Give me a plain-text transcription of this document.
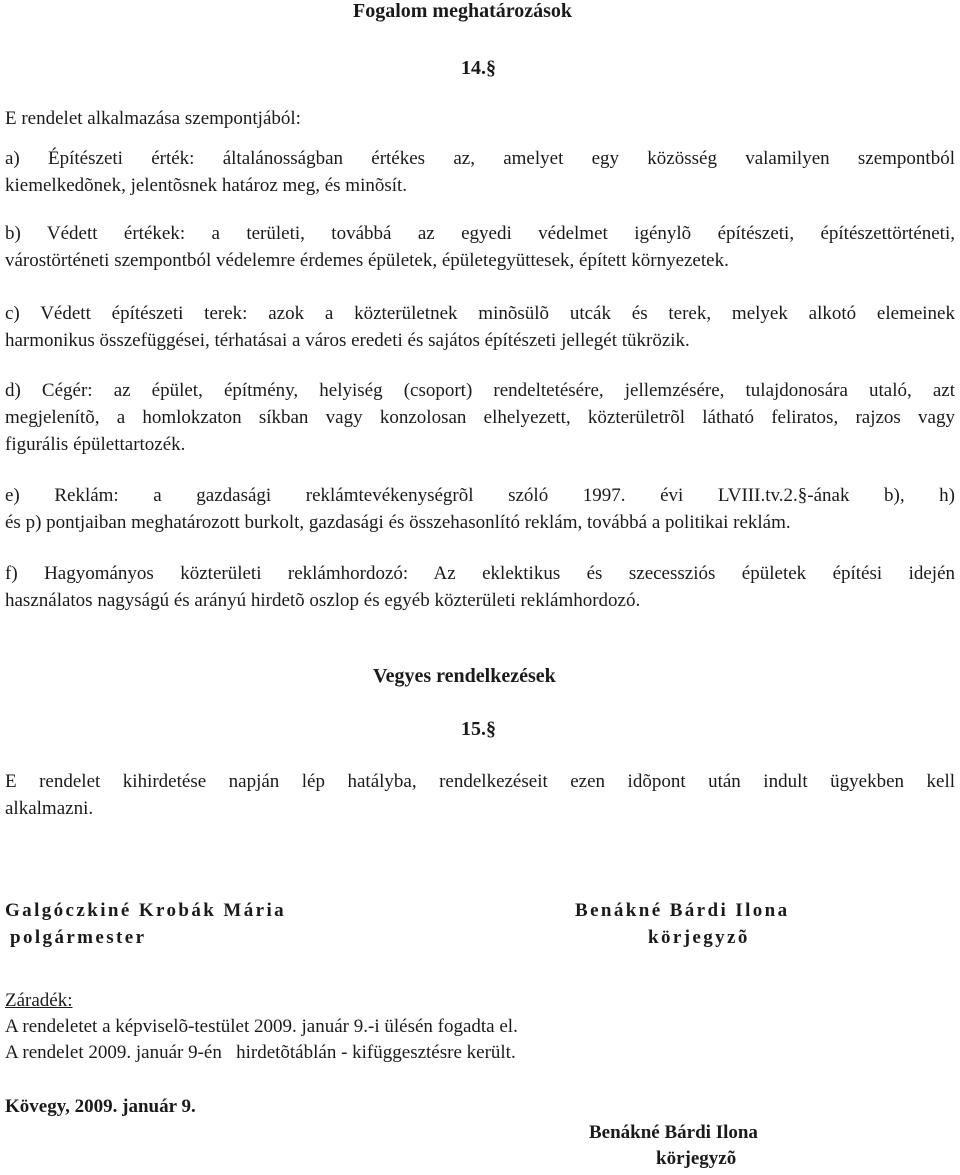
Fogalom meghatározások
14.§
E rendelet alkalmazása szempontjából:
a) Építészeti érték: általánosságban értékes az, amelyet egy közösség valamilyen szempontból
kiemelkedõnek, jelentõsnek határoz meg, és minõsít.
b) Védett értékek: a területi, továbbá az egyedi védelmet igénylõ építészeti, építészettörténeti,
várostörténeti szempontból védelemre érdemes épületek, épületegyüttesek, épített környezetek.
c) Védett építészeti terek: azok a közterületnek minõsülõ utcák és terek, melyek alkotó elemeinek
harmonikus összefüggései, térhatásai a város eredeti és sajátos építészeti jellegét tükrözik.
d) Cégér: az épület, építmény, helyiség (csoport) rendeltetésére, jellemzésére, tulajdonosára utaló, azt
megjelenítõ, a homlokzaton síkban vagy konzolosan elhelyezett, közterületrõl látható feliratos, rajzos vagy
figurális épülettartozék.
e) Reklám: a gazdasági reklámtevékenységrõl szóló 1997. évi LVIII.tv.2.§-ának b), h)
és p) pontjaiban meghatározott burkolt, gazdasági és összehasonlító reklám, továbbá a politikai reklám.
f) Hagyományos közterületi reklámhordozó: Az eklektikus és szecessziós épületek építési idején
használatos nagyságú és arányú hirdetõ oszlop és egyéb közterületi reklámhordozó.
Vegyes rendelkezések
15.§
E rendelet kihirdetése napján lép hatályba, rendelkezéseit ezen idõpont után indult ügyekben kell
alkalmazni.
Galgóczkiné Krobák Mária
polgármester
Benákné Bárdi Ilona
körjegyzõ
Záradék:
A rendeletet a képviselõ-testület 2009. január 9.-i ülésén fogadta el.
A rendelet 2009. január 9-én   hirdetõtáblán - kifüggesztésre került.
Kövegy, 2009. január 9.
Benákné Bárdi Ilona
körjegyzõ
